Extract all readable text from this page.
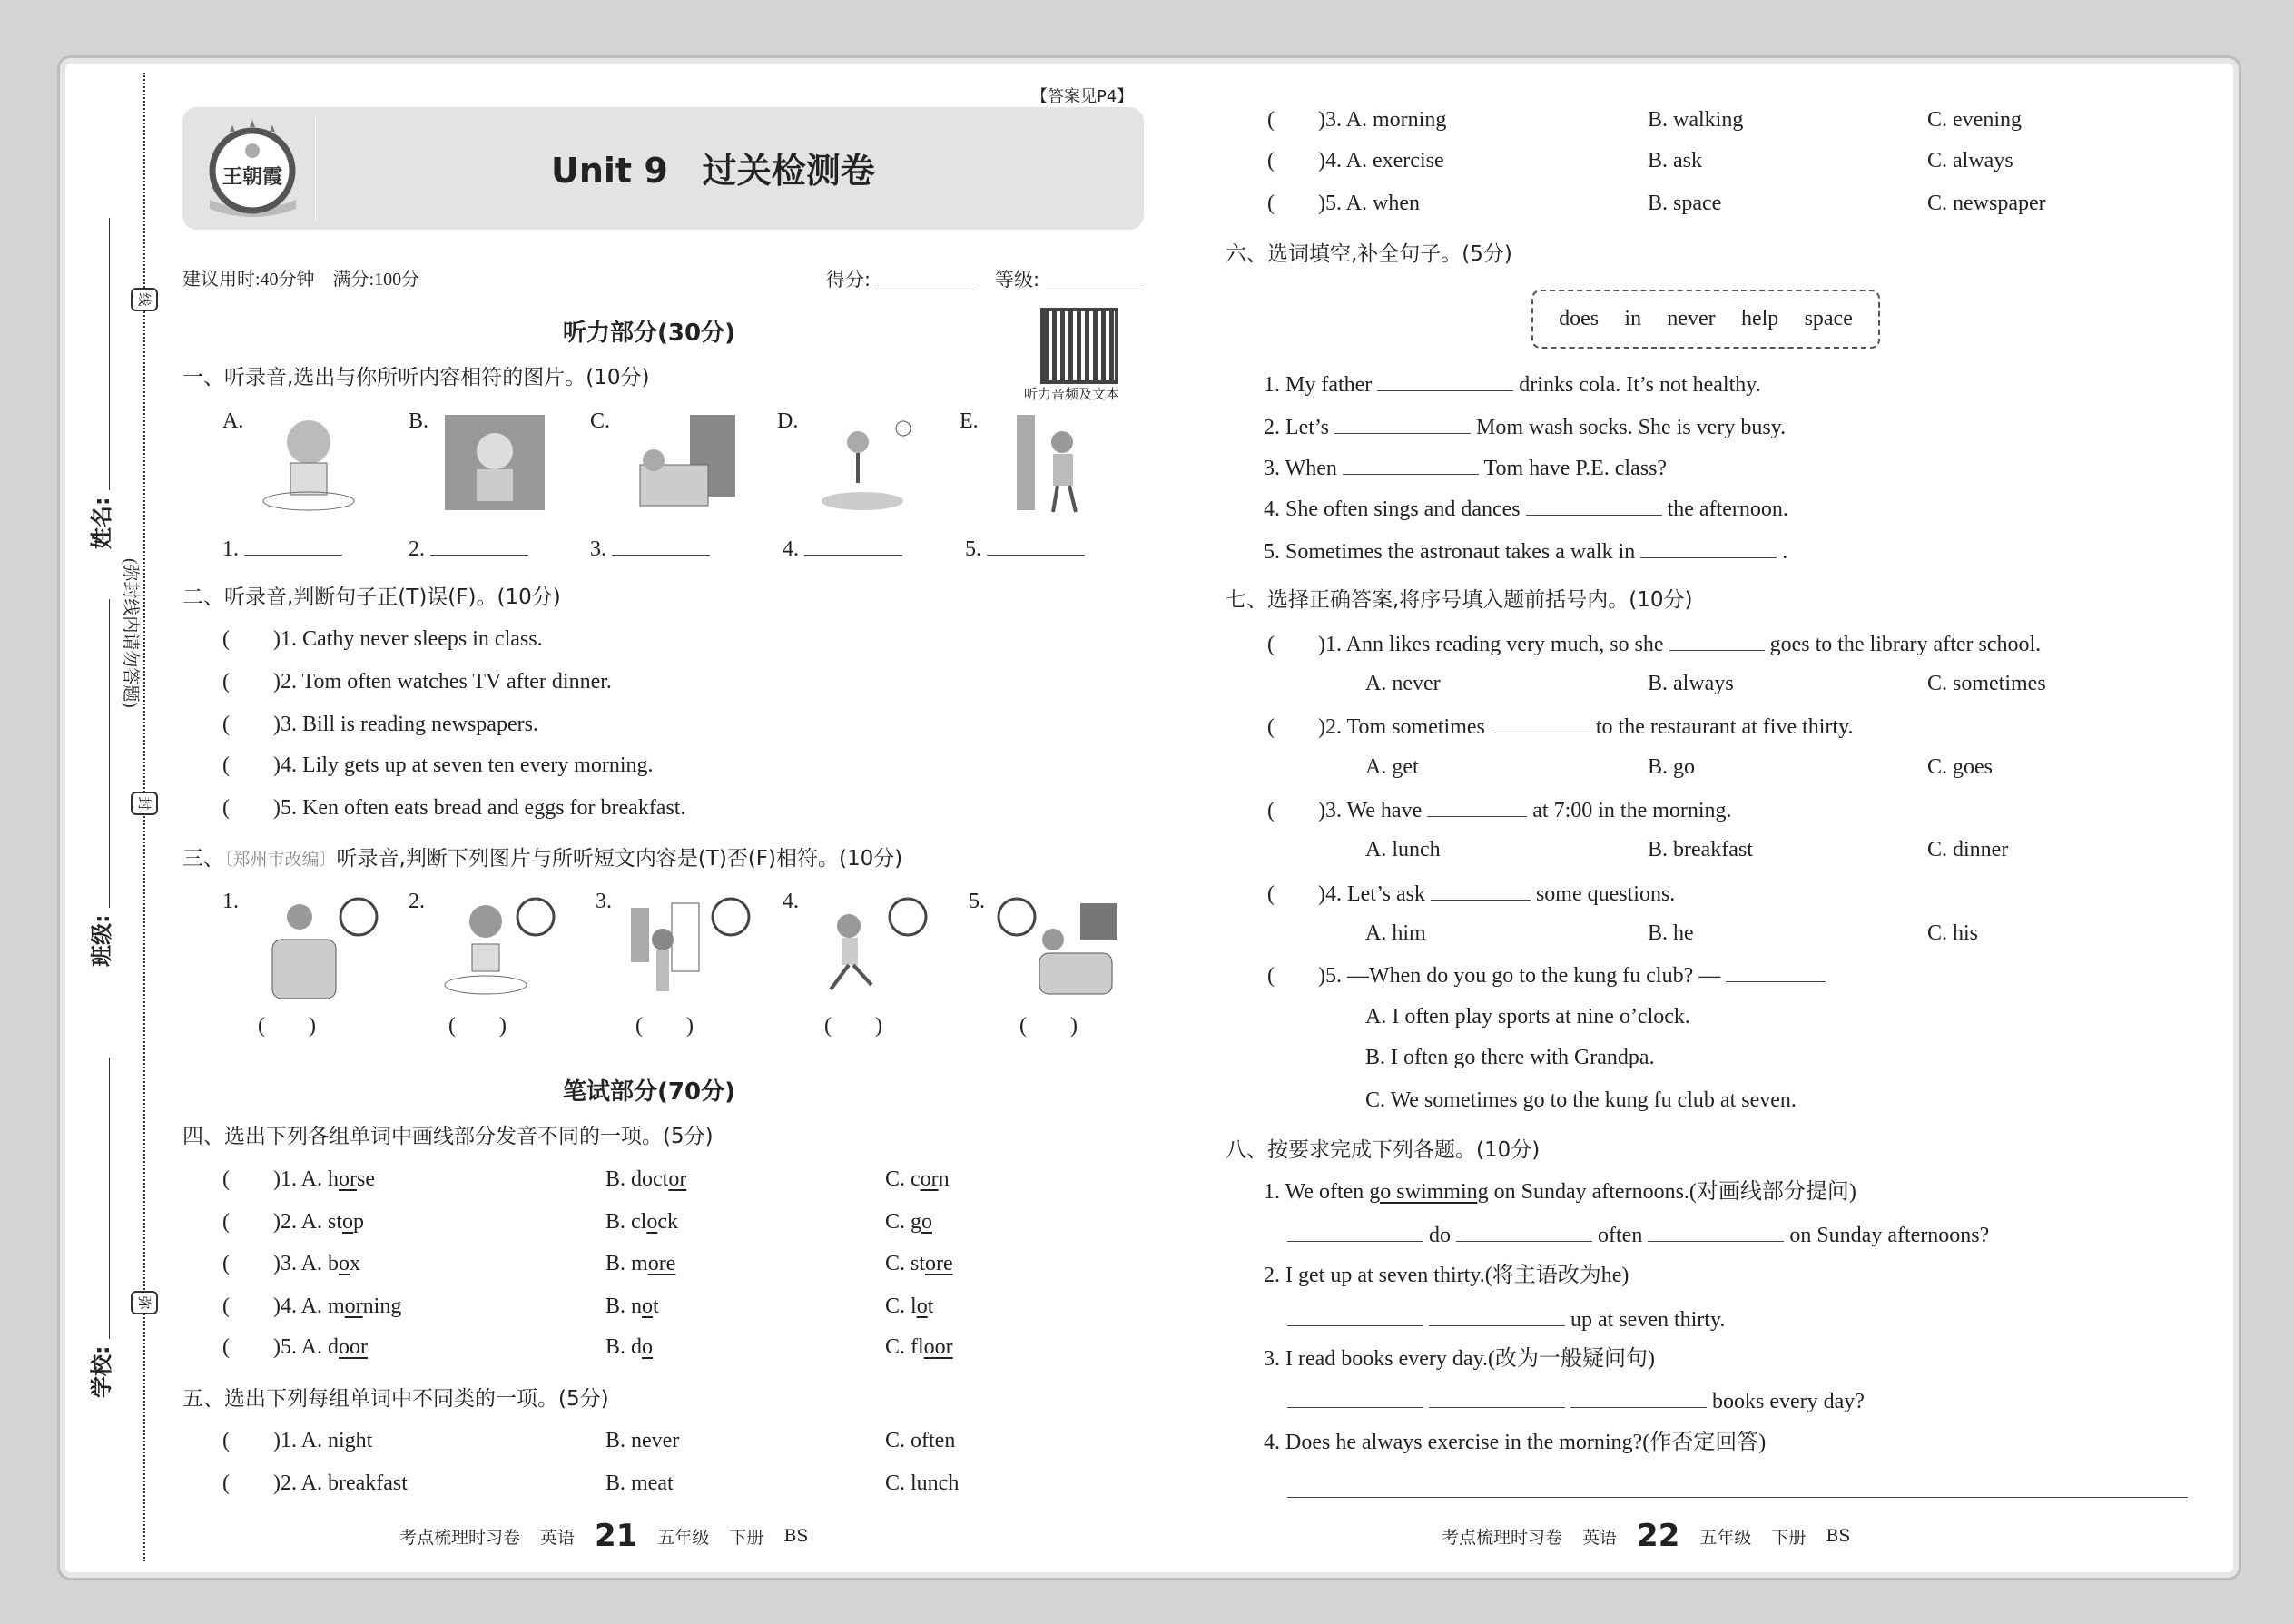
线
封
弥
(弥封线内请勿答题)
姓名:
班级:
学校:
【答案见P4】
王朝霞	Unit 9　过关检测卷
建议用时:40分钟　满分:100分	得分:	等级:
听力部分(30分)
听力音频及文本
一、听录音,选出与你所听内容相符的图片。(10分)
A.	B.	C.	D.	E.
1.	2.	3.	4.	5.
二、听录音,判断句子正(T)误(F)。(10分)
(　　)1. Cathy never sleeps in class.
(　　)2. Tom often watches TV after dinner.
(　　)3. Bill is reading newspapers.
(　　)4. Lily gets up at seven ten every morning.
(　　)5. Ken often eats bread and eggs for breakfast.
三、〔郑州市改编〕听录音,判断下列图片与所听短文内容是(T)否(F)相符。(10分)
1.	2.	3.	4.	5.
(　　)	(　　)	(　　)	(　　)	(　　)
笔试部分(70分)
四、选出下列各组单词中画线部分发音不同的一项。(5分)
(　　)1. A. horse	B. doctor	C. corn
(　　)2. A. stop	B. clock	C. go
(　　)3. A. box	B. more	C. store
(　　)4. A. morning	B. not	C. lot
(　　)5. A. door	B. do	C. floor
五、选出下列每组单词中不同类的一项。(5分)
(　　)1. A. night	B. never	C. often
(　　)2. A. breakfast	B. meat	C. lunch
考点梳理时习卷 英语 21 五年级 下册 BS
(　　)3. A. morning	B. walking	C. evening
(　　)4. A. exercise	B. ask	C. always
(　　)5. A. when	B. space	C. newspaper
六、选词填空,补全句子。(5分)
does in never help space
1. My father	drinks cola. It’s not healthy.
2. Let’s	Mom wash socks. She is very busy.
3. When	Tom have P.E. class?
4. She often sings and dances	the afternoon.
5. Sometimes the astronaut takes a walk in	.
七、选择正确答案,将序号填入题前括号内。(10分)
(　　)1. Ann likes reading very much, so she	goes to the library after school.
A. never	B. always	C. sometimes
(　　)2. Tom sometimes	to the restaurant at five thirty.
A. get	B. go	C. goes
(　　)3. We have	at 7:00 in the morning.
A. lunch	B. breakfast	C. dinner
(　　)4. Let’s ask	some questions.
A. him	B. he	C. his
(　　)5. —When do you go to the kung fu club? —
A. I often play sports at nine o’clock.
B. I often go there with Grandpa.
C. We sometimes go to the kung fu club at seven.
八、按要求完成下列各题。(10分)
1. We often go swimming on Sunday afternoons.(对画线部分提问)
do	often	on Sunday afternoons?
2. I get up at seven thirty.(将主语改为he)
up at seven thirty.
3. I read books every day.(改为一般疑问句)
books every day?
4. Does he always exercise in the morning?(作否定回答)
考点梳理时习卷 英语 22 五年级 下册 BS
